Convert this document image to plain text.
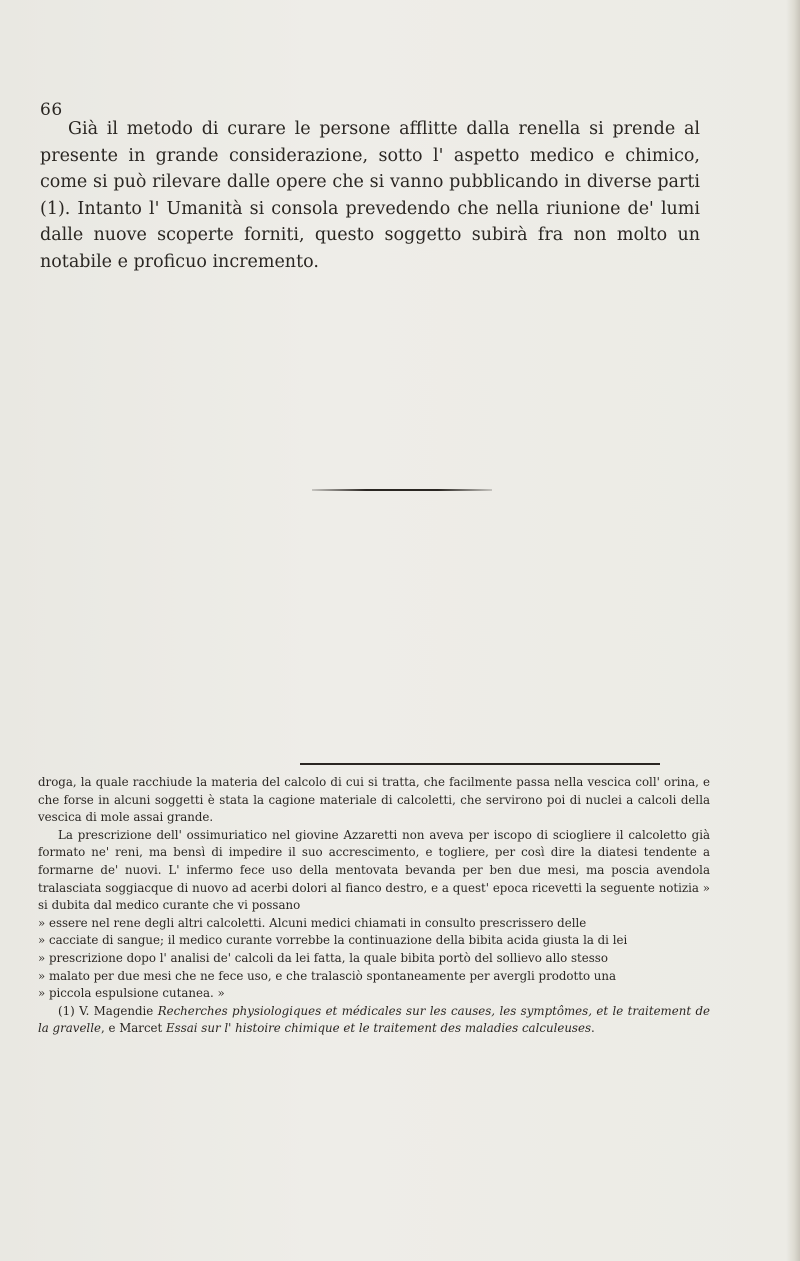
66

Già il metodo di curare le persone afflitte dalla renella si prende al presente in grande considerazione, sotto l' aspetto medico e chimico, come si può rilevare dalle opere che si vanno pubblicando in diverse parti (1). Intanto l' Umanità si consola prevedendo che nella riunione de' lumi dalle nuove scoperte forniti, questo soggetto subirà fra non molto un notabile e proficuo incremento.

droga, la quale racchiude la materia del calcolo di cui si tratta, che facilmente passa nella vescica coll' orina, e che forse in alcuni soggetti è stata la cagione materiale di calcoletti, che servirono poi di nuclei a calcoli della vescica di mole assai grande.

La prescrizione dell' ossimuriatico nel giovine Azzaretti non aveva per iscopo di sciogliere il calcoletto già formato ne' reni, ma bensì di impedire il suo accrescimento, e togliere, per così dire la diatesi tendente a formarne de' nuovi. L' infermo fece uso della mentovata bevanda per ben due mesi, ma poscia avendola tralasciata soggiacque di nuovo ad acerbi dolori al fianco destro, e a quest' epoca ricevetti la seguente notizia » si dubita dal medico curante che vi possano

» essere nel rene degli altri calcoletti. Alcuni medici chiamati in consulto prescrissero delle

» cacciate di sangue; il medico curante vorrebbe la continuazione della bibita acida giusta la di lei

» prescrizione dopo l' analisi de' calcoli da lei fatta, la quale bibita portò del sollievo allo stesso

» malato per due mesi che ne fece uso, e che tralasciò spontaneamente per avergli prodotto una

» piccola espulsione cutanea. »

(1) V. Magendie Recherches physiologiques et médicales sur les causes, les symptômes, et le traitement de la gravelle, e Marcet Essai sur l' histoire chimique et le traitement des maladies calculeuses.
